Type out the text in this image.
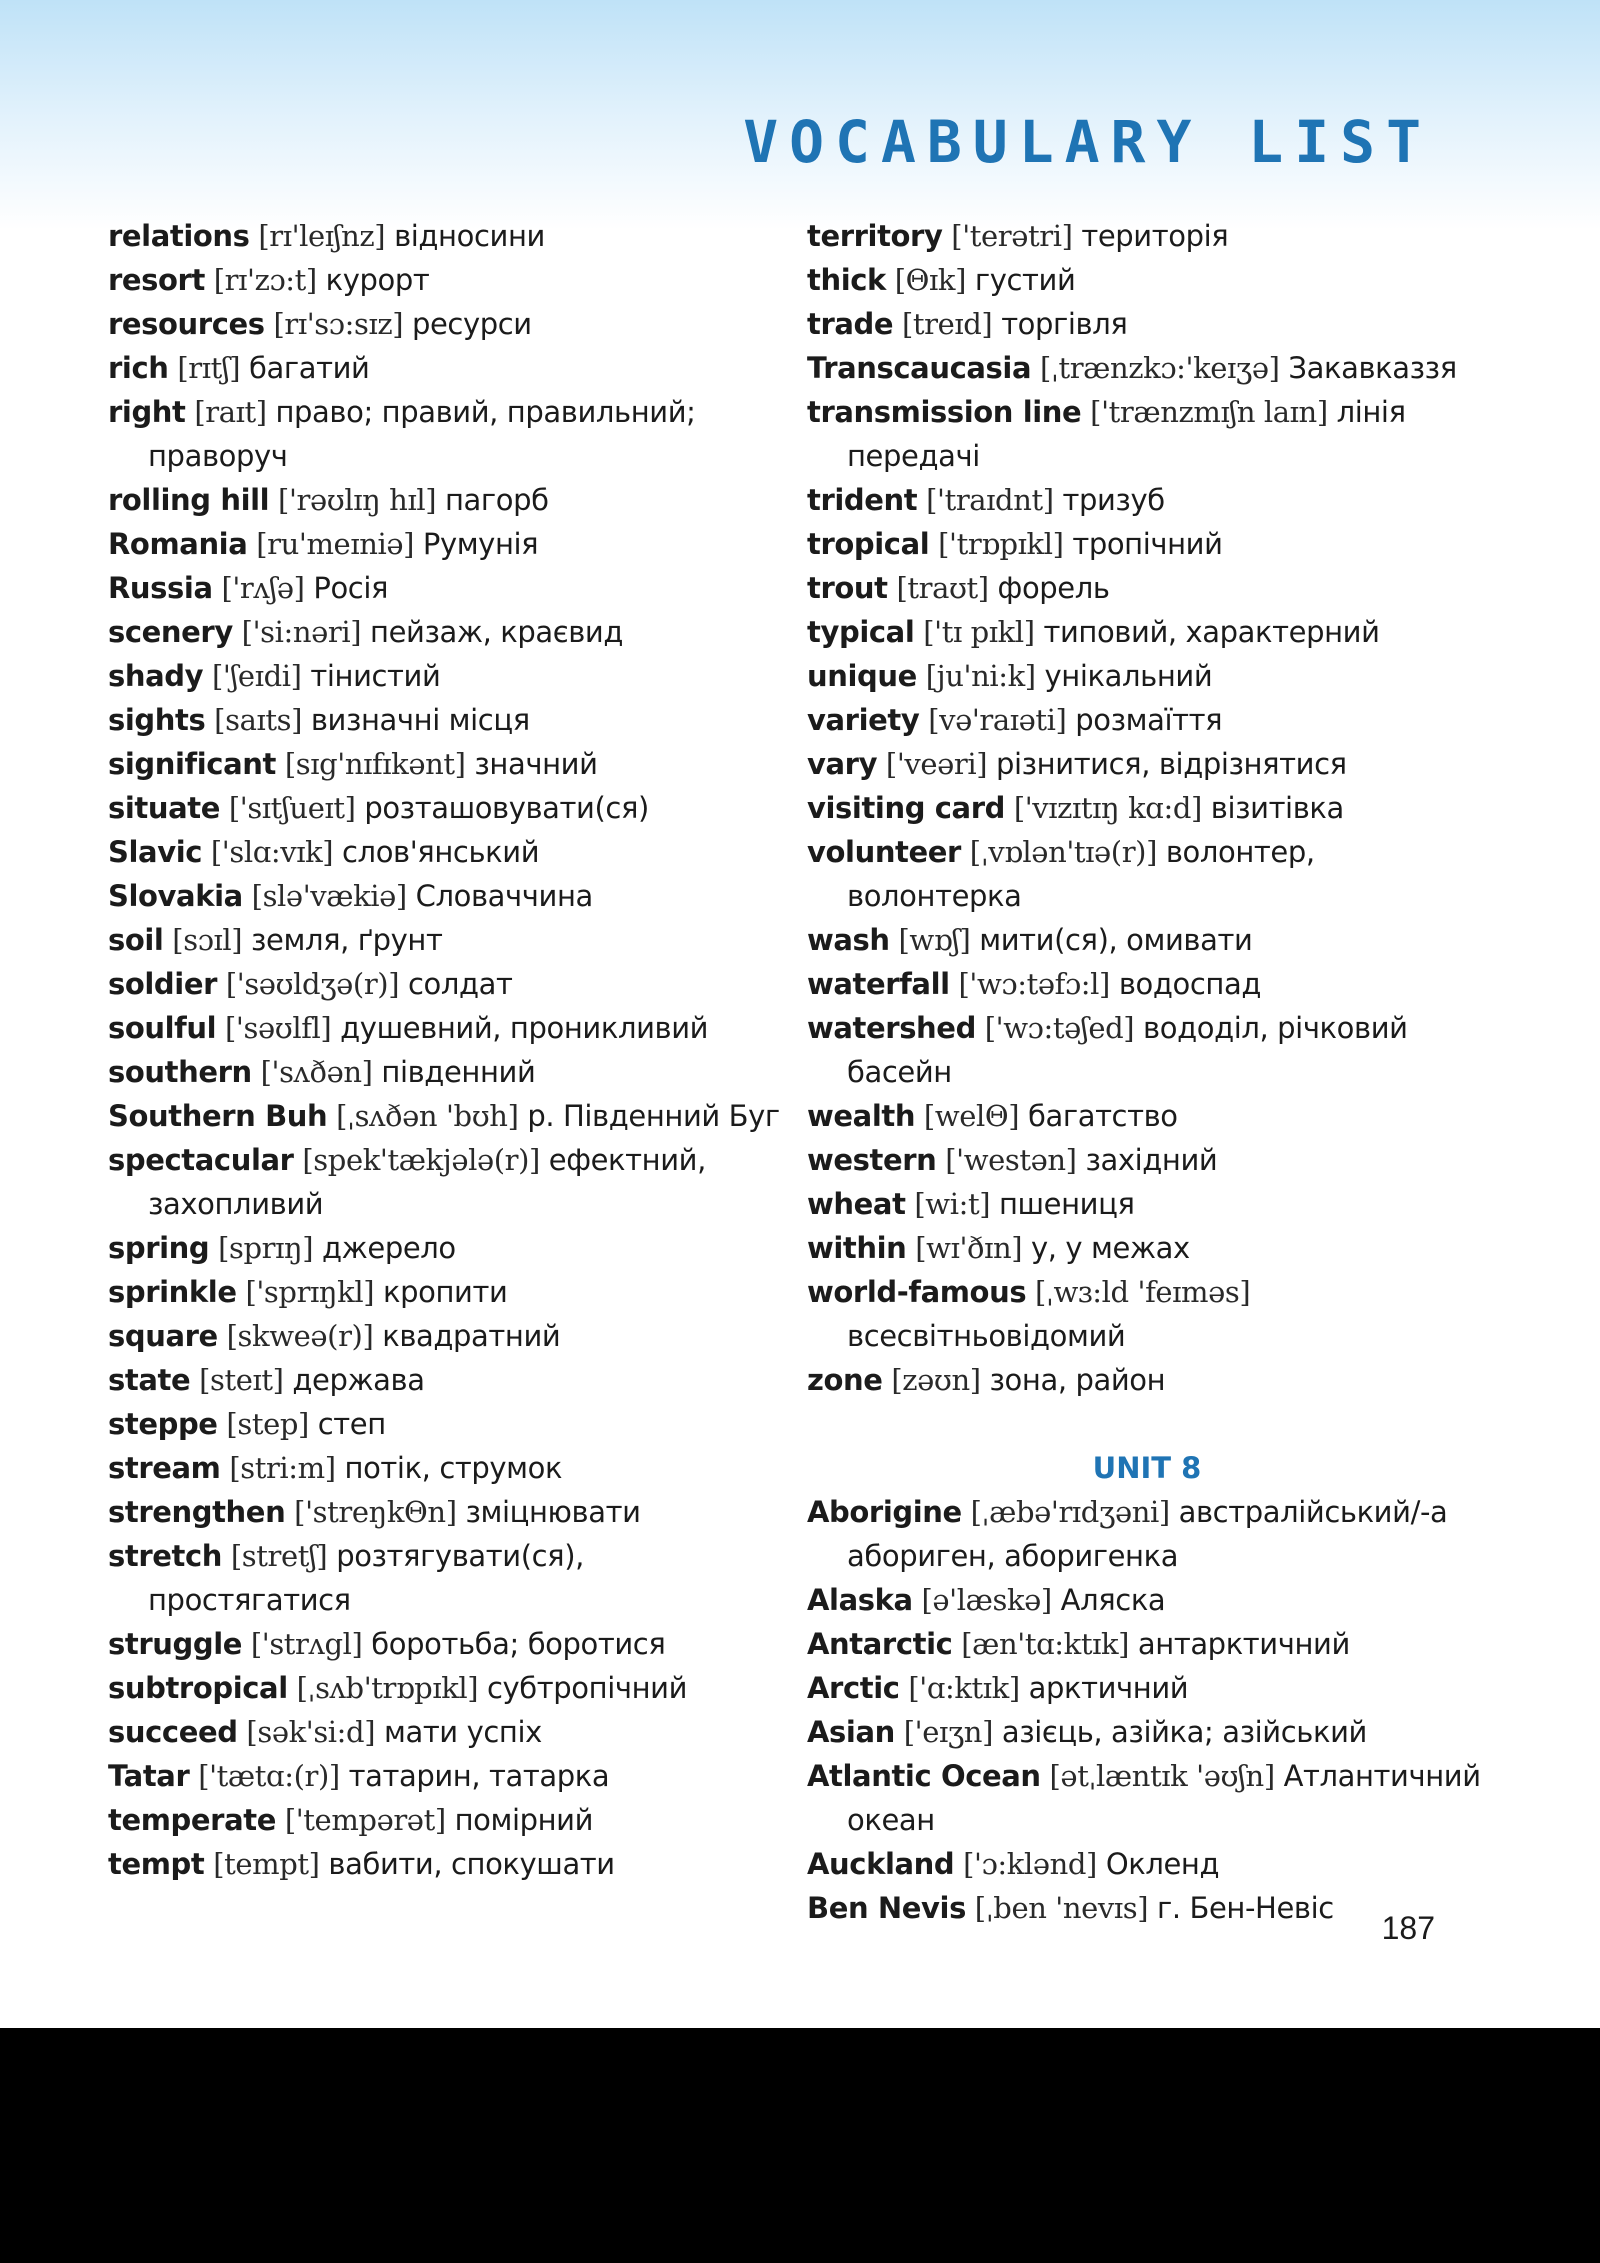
VOCABULARY LIST
relations [rɪ'leɪʃnz] відносини
resort [rɪ'zɔ:t] курорт
resources [rɪ'sɔ:sɪz] ресурси
rich [rɪtʃ] багатий
right [raɪt] право; правий, правильний; праворуч
rolling hill ['rəʊlɪŋ hɪl] пагорб
Romania [ru'meɪniə] Румунія
Russia ['rʌʃə] Росія
scenery ['si:nəri] пейзаж, краєвид
shady ['ʃeɪdi] тінистий
sights [saɪts] визначні місця
significant [sɪg'nɪfɪkənt] значний
situate ['sɪtʃueɪt] розташовувати(ся)
Slavic ['slɑ:vɪk] слов'янський
Slovakia [slə'vækiə] Словаччина
soil [sɔɪl] земля, ґрунт
soldier ['səʊldʒə(r)] солдат
soulful ['səʊlfl] душевний, проникливий
southern ['sʌðən] південний
Southern Buh [ˌsʌðən 'bʊh] р. Південний Буг
spectacular [spek'tækjələ(r)] ефектний, захопливий
spring [sprɪŋ] джерело
sprinkle ['sprɪŋkl] кропити
square [skweə(r)] квадратний
state [steɪt] держава
steppe [step] степ
stream [stri:m] потік, струмок
strengthen ['streŋkΘn] зміцнювати
stretch [stretʃ] розтягувати(ся), простягатися
struggle ['strʌgl] боротьба; боротися
subtropical [ˌsʌb'trɒpɪkl] субтропічний
succeed [sək'si:d] мати успіх
Tatar ['tætɑ:(r)] татарин, татарка
temperate ['tempərət] помірний
tempt [tempt] вабити, спокушати
territory ['terətri] територія
thick [Θɪk] густий
trade [treɪd] торгівля
Transcaucasia [ˌtrænzkɔ:'keɪʒə] Закавказзя
transmission line ['trænzmɪʃn laɪn] лінія передачі
trident ['traɪdnt] тризуб
tropical ['trɒpɪkl] тропічний
trout [traʊt] форель
typical ['tɪ pɪkl] типовий, характерний
unique [ju'ni:k] унікальний
variety [və'raɪəti] розмаїття
vary ['veəri] різнитися, відрізнятися
visiting card ['vɪzɪtɪŋ kɑ:d] візитівка
volunteer [ˌvɒlən'tɪə(r)] волонтер, волонтерка
wash [wɒʃ] мити(ся), омивати
waterfall ['wɔ:təfɔ:l] водоспад
watershed ['wɔ:təʃed] вододіл, річковий басейн
wealth [welΘ] багатство
western ['westən] західний
wheat [wi:t] пшениця
within [wɪ'ðɪn] у, у межах
world-famous [ˌwɜ:ld 'feɪməs] всесвітньовідомий
zone [zəʊn] зона, район
UNIT 8
Aborigine [ˌæbə'rɪdʒəni] австралійський/-а абориген, аборигенка
Alaska [ə'læskə] Аляска
Antarctic [æn'tɑ:ktɪk] антарктичний
Arctic ['ɑ:ktɪk] арктичний
Asian ['eɪʒn] азієць, азійка; азійський
Atlantic Ocean [ətˌlæntɪk 'əʊʃn] Атлантичний океан
Auckland ['ɔ:klənd] Окленд
Ben Nevis [ˌben 'nevɪs] г. Бен-Невіс
187
